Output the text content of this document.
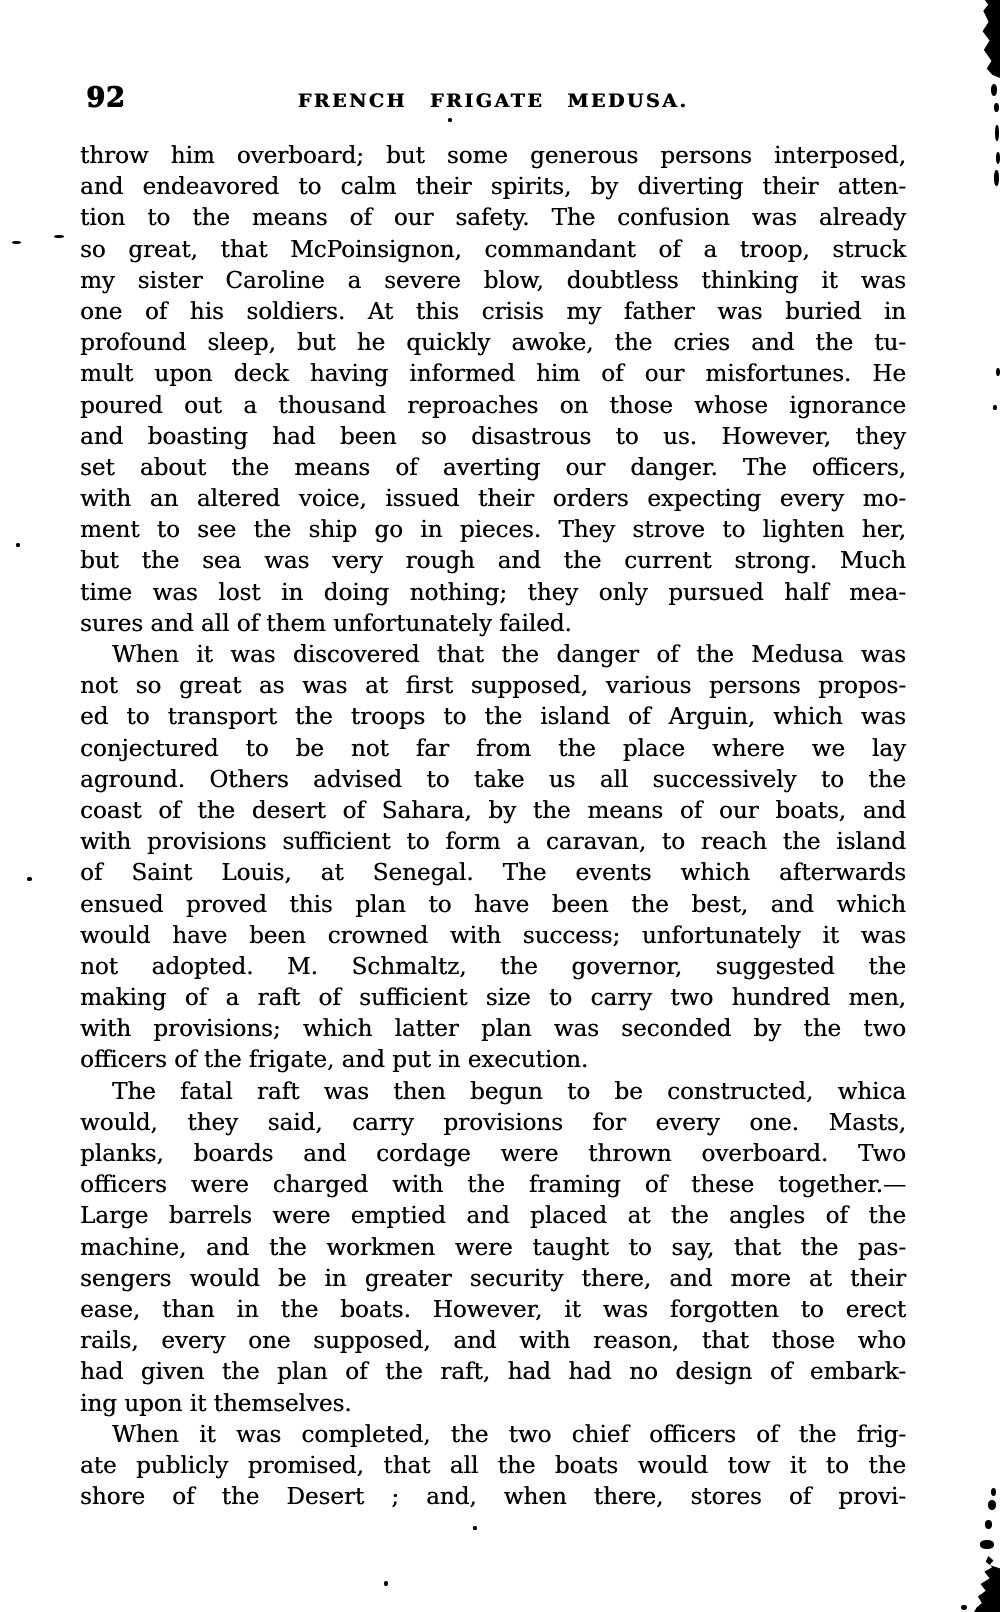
92	FRENCH FRIGATE MEDUSA.
throw him overboard; but some generous persons interposed,
and endeavored to calm their spirits, by diverting their atten-
tion to the means of our safety. The confusion was already
so great, that McPoinsignon, commandant of a troop, struck
my sister Caroline a severe blow, doubtless thinking it was
one of his soldiers. At this crisis my father was buried in
profound sleep, but he quickly awoke, the cries and the tu-
mult upon deck having informed him of our misfortunes. He
poured out a thousand reproaches on those whose ignorance
and boasting had been so disastrous to us. However, they
set about the means of averting our danger. The officers,
with an altered voice, issued their orders expecting every mo-
ment to see the ship go in pieces. They strove to lighten her,
but the sea was very rough and the current strong. Much
time was lost in doing nothing; they only pursued half mea-
sures and all of them unfortunately failed.
When it was discovered that the danger of the Medusa was
not so great as was at first supposed, various persons propos-
ed to transport the troops to the island of Arguin, which was
conjectured to be not far from the place where we lay
aground. Others advised to take us all successively to the
coast of the desert of Sahara, by the means of our boats, and
with provisions sufficient to form a caravan, to reach the island
of Saint Louis, at Senegal. The events which afterwards
ensued proved this plan to have been the best, and which
would have been crowned with success; unfortunately it was
not adopted. M. Schmaltz, the governor, suggested the
making of a raft of sufficient size to carry two hundred men,
with provisions; which latter plan was seconded by the two
officers of the frigate, and put in execution.
The fatal raft was then begun to be constructed, whica
would, they said, carry provisions for every one. Masts,
planks, boards and cordage were thrown overboard. Two
officers were charged with the framing of these together.—
Large barrels were emptied and placed at the angles of the
machine, and the workmen were taught to say, that the pas-
sengers would be in greater security there, and more at their
ease, than in the boats. However, it was forgotten to erect
rails, every one supposed, and with reason, that those who
had given the plan of the raft, had had no design of embark-
ing upon it themselves.
When it was completed, the two chief officers of the frig-
ate publicly promised, that all the boats would tow it to the
shore of the Desert ; and, when there, stores of provi-
